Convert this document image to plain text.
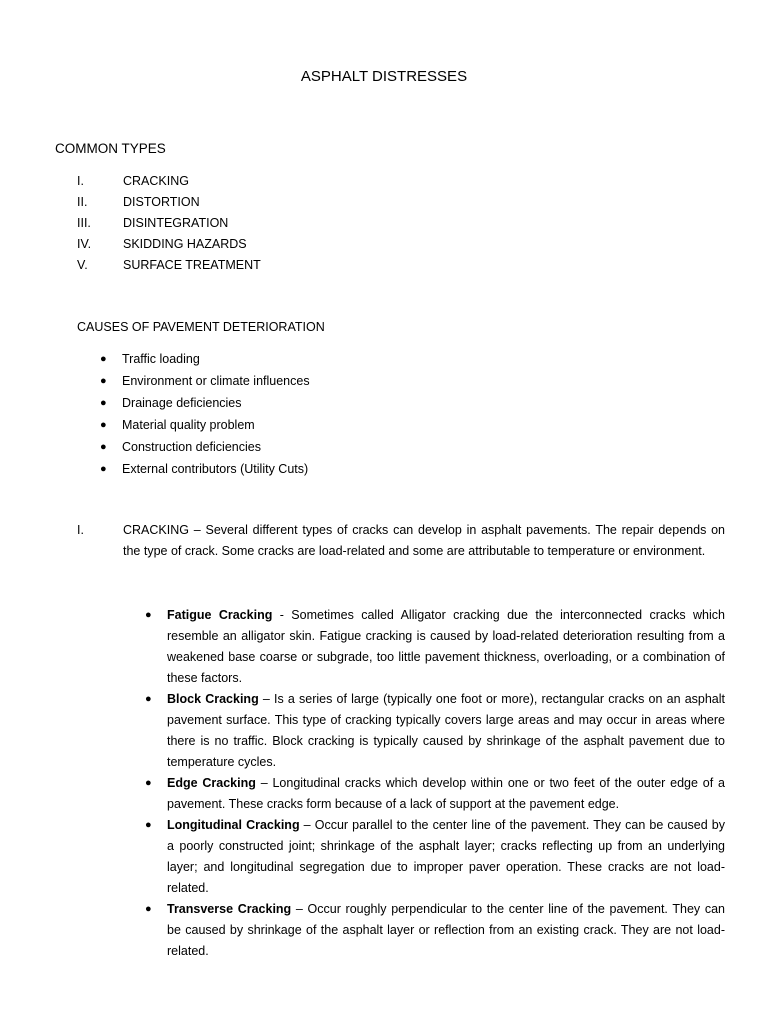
ASPHALT DISTRESSES
COMMON TYPES
I.	CRACKING
II.	DISTORTION
III.	DISINTEGRATION
IV.	SKIDDING HAZARDS
V.	SURFACE TREATMENT
CAUSES OF PAVEMENT DETERIORATION
●	Traffic loading
●	Environment or climate influences
●	Drainage deficiencies
●	Material quality problem
●	Construction deficiencies
●	External contributors (Utility Cuts)
I.	CRACKING – Several different types of cracks can develop in asphalt pavements. The repair depends on the type of crack. Some cracks are load-related and some are attributable to temperature or environment.
●	Fatigue Cracking - Sometimes called Alligator cracking due the interconnected cracks which resemble an alligator skin. Fatigue cracking is caused by load-related deterioration resulting from a weakened base coarse or subgrade, too little pavement thickness, overloading, or a combination of these factors.
●	Block Cracking – Is a series of large (typically one foot or more), rectangular cracks on an asphalt pavement surface. This type of cracking typically covers large areas and may occur in areas where there is no traffic. Block cracking is typically caused by shrinkage of the asphalt pavement due to temperature cycles.
●	Edge Cracking – Longitudinal cracks which develop within one or two feet of the outer edge of a pavement. These cracks form because of a lack of support at the pavement edge.
●	Longitudinal Cracking – Occur parallel to the center line of the pavement. They can be caused by a poorly constructed joint; shrinkage of the asphalt layer; cracks reflecting up from an underlying layer; and longitudinal segregation due to improper paver operation. These cracks are not load-related.
●	Transverse Cracking – Occur roughly perpendicular to the center line of the pavement. They can be caused by shrinkage of the asphalt layer or reflection from an existing crack. They are not load-related.
